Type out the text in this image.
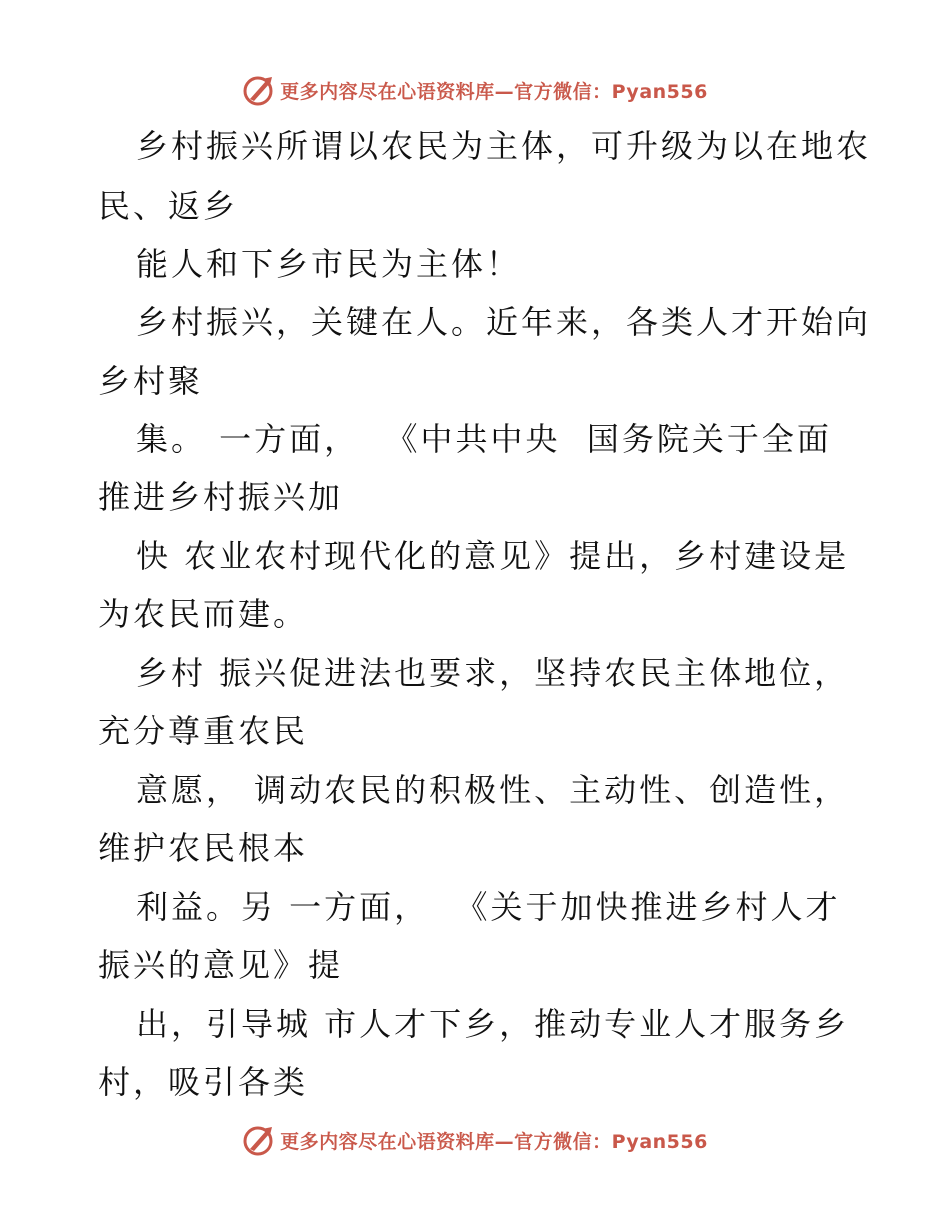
更多内容尽在心语资料库—官方微信：Pyan556
乡村振兴所谓以农民为主体，可升级为以在地农
民、返乡
能人和下乡市民为主体！
乡村振兴，关键在人。近年来，各类人才开始向
乡村聚
集。 一方面，  《中共中央  国务院关于全面
推进乡村振兴加
快 农业农村现代化的意见》提出，乡村建设是
为农民而建。
乡村 振兴促进法也要求，坚持农民主体地位，
充分尊重农民
意愿， 调动农民的积极性、主动性、创造性，
维护农民根本
利益。另 一方面，  《关于加快推进乡村人才
振兴的意见》提
出，引导城 市人才下乡，推动专业人才服务乡
村，吸引各类
更多内容尽在心语资料库—官方微信：Pyan556
